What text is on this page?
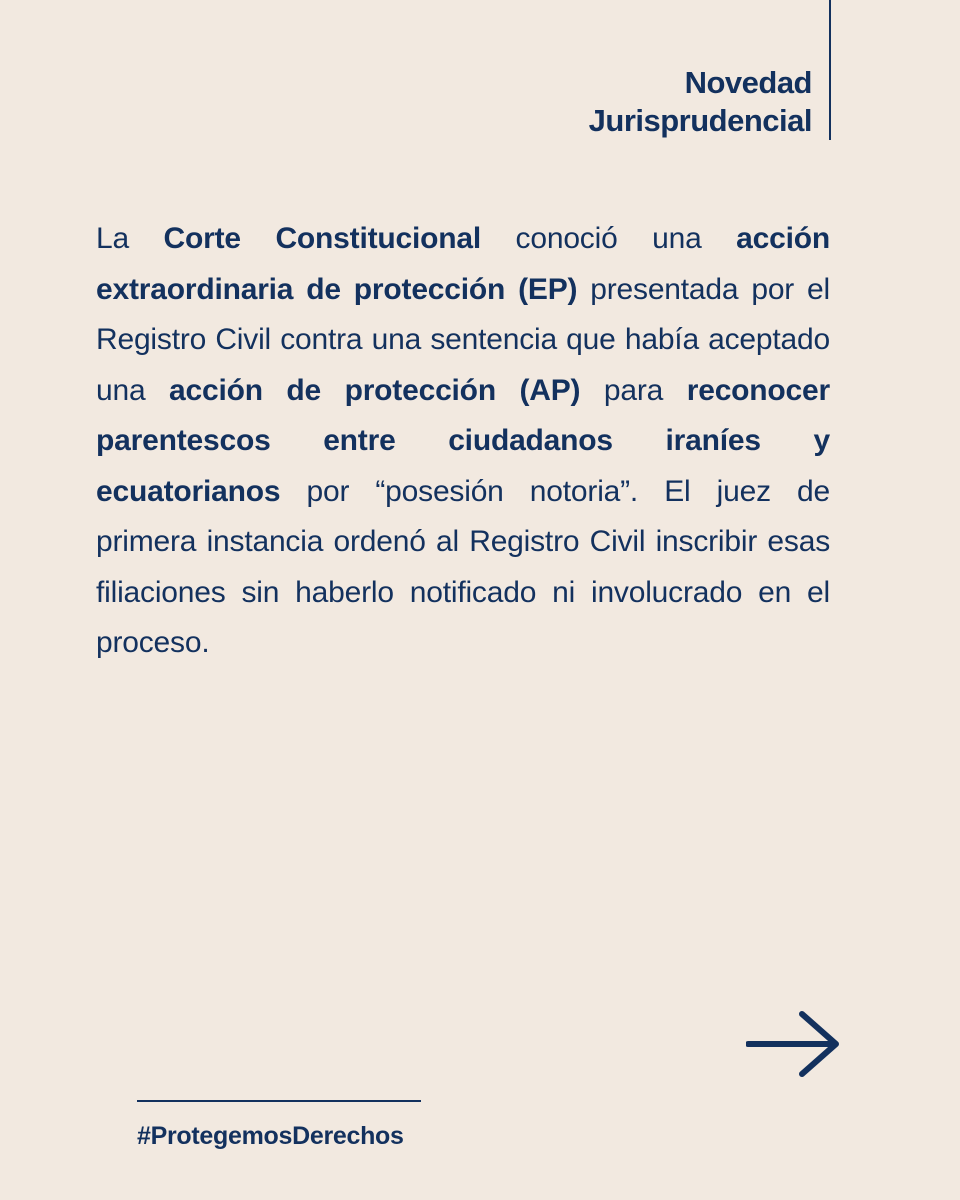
Novedad
Jurisprudencial
La Corte Constitucional conoció una acción extraordinaria de protección (EP) presentada por el Registro Civil contra una sentencia que había aceptado una acción de protección (AP) para reconocer parentescos entre ciudadanos iraníes y ecuatorianos por “posesión notoria”. El juez de primera instancia ordenó al Registro Civil inscribir esas filiaciones sin haberlo notificado ni involucrado en el proceso.
#ProtegemosDerechos
